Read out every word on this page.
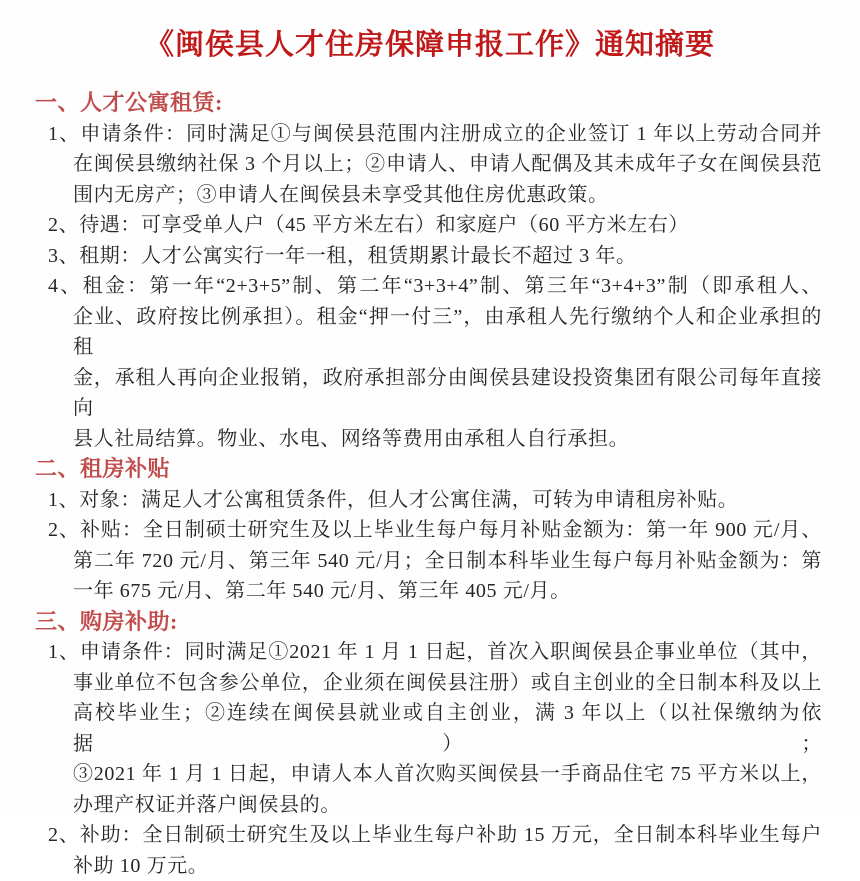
《闽侯县人才住房保障申报工作》通知摘要
一、人才公寓租赁:
1、申请条件：同时满足①与闽侯县范围内注册成立的企业签订 1 年以上劳动合同并
在闽侯县缴纳社保 3 个月以上；②申请人、申请人配偶及其未成年子女在闽侯县范
围内无房产；③申请人在闽侯县未享受其他住房优惠政策。
2、待遇：可享受单人户（45 平方米左右）和家庭户（60 平方米左右）
3、租期：人才公寓实行一年一租，租赁期累计最长不超过 3 年。
4、租金：第一年“2+3+5”制、第二年“3+3+4”制、第三年“3+4+3”制（即承租人、
企业、政府按比例承担）。租金“押一付三”，由承租人先行缴纳个人和企业承担的租
金，承租人再向企业报销，政府承担部分由闽侯县建设投资集团有限公司每年直接向
县人社局结算。物业、水电、网络等费用由承租人自行承担。
二、租房补贴
1、对象：满足人才公寓租赁条件，但人才公寓住满，可转为申请租房补贴。
2、补贴：全日制硕士研究生及以上毕业生每户每月补贴金额为：第一年 900 元/月、
第二年 720 元/月、第三年 540 元/月；全日制本科毕业生每户每月补贴金额为：第
一年 675 元/月、第二年 540 元/月、第三年 405 元/月。
三、购房补助:
1、申请条件：同时满足①2021 年 1 月 1 日起，首次入职闽侯县企事业单位（其中，
事业单位不包含参公单位，企业须在闽侯县注册）或自主创业的全日制本科及以上
高校毕业生；②连续在闽侯县就业或自主创业，满 3 年以上（以社保缴纳为依据）；
③2021 年 1 月 1 日起，申请人本人首次购买闽侯县一手商品住宅 75 平方米以上，
办理产权证并落户闽侯县的。
2、补助：全日制硕士研究生及以上毕业生每户补助 15 万元，全日制本科毕业生每户
补助 10 万元。
